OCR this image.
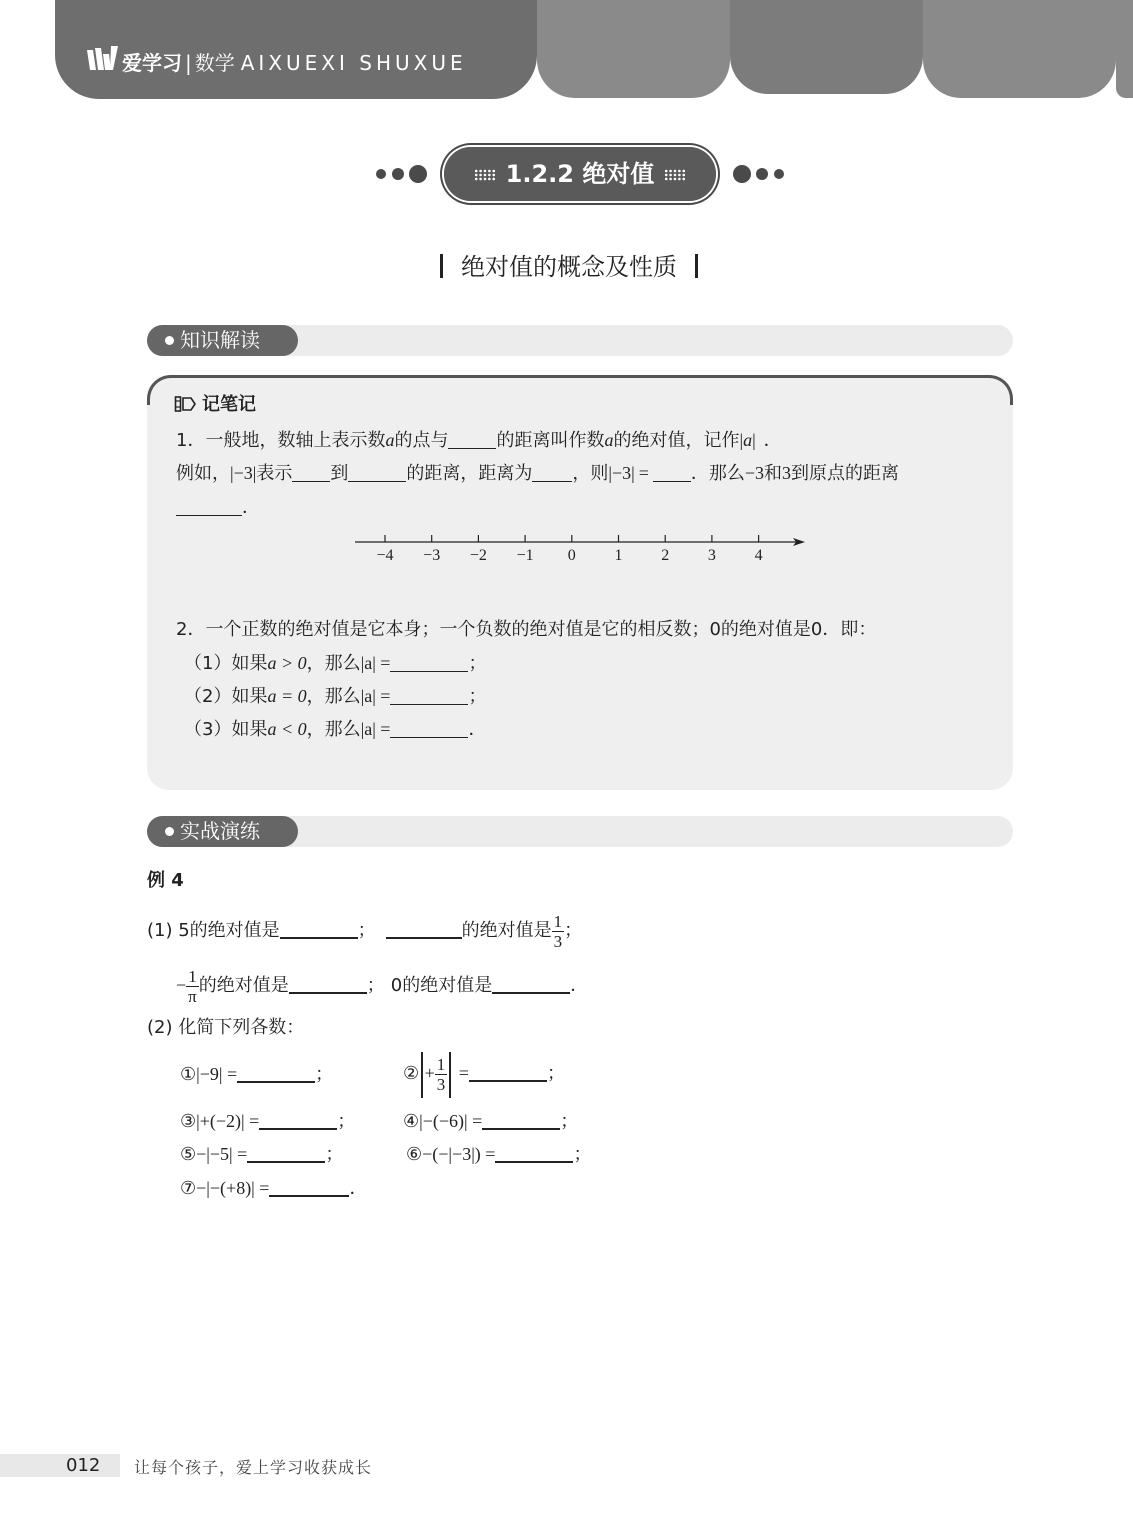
爱学习 | 数学 AIXUEXI SHUXUE
1.2.2 绝对值
绝对值的概念及性质
知识解读
记笔记
1．一般地，数轴上表示数a的点与	的距离叫作数a的绝对值，记作|a| ．
例如，|−3|表示 到	的距离，距离为 ，则|−3| = ．那么−3和3到原点的距离
．
−4 −3 −2 −1 0 1 2 3 4
2．一个正数的绝对值是它本身；一个负数的绝对值是它的相反数；0的绝对值是0．即：
（1）如果a > 0，那么|a| =	；
（2）如果a = 0，那么|a| =	；
（3）如果a < 0，那么|a| =	．
实战演练
例 4
(1) 5的绝对值是	；	的绝对值是 $\frac{1}{3}$ ；
− $\frac{1}{\pi}$ 的绝对值是	； 0的绝对值是	．
(2) 化简下列各数：
①|−9| =	；	② + $\frac{1}{3}$ =	；
③|+(−2)| =	；	④|−(−6)| =	；
⑤−|−5| =	；	⑥−(−|−3|) =	；
⑦−|−(+8)| =	．
012 让每个孩子，爱上学习收获成长
